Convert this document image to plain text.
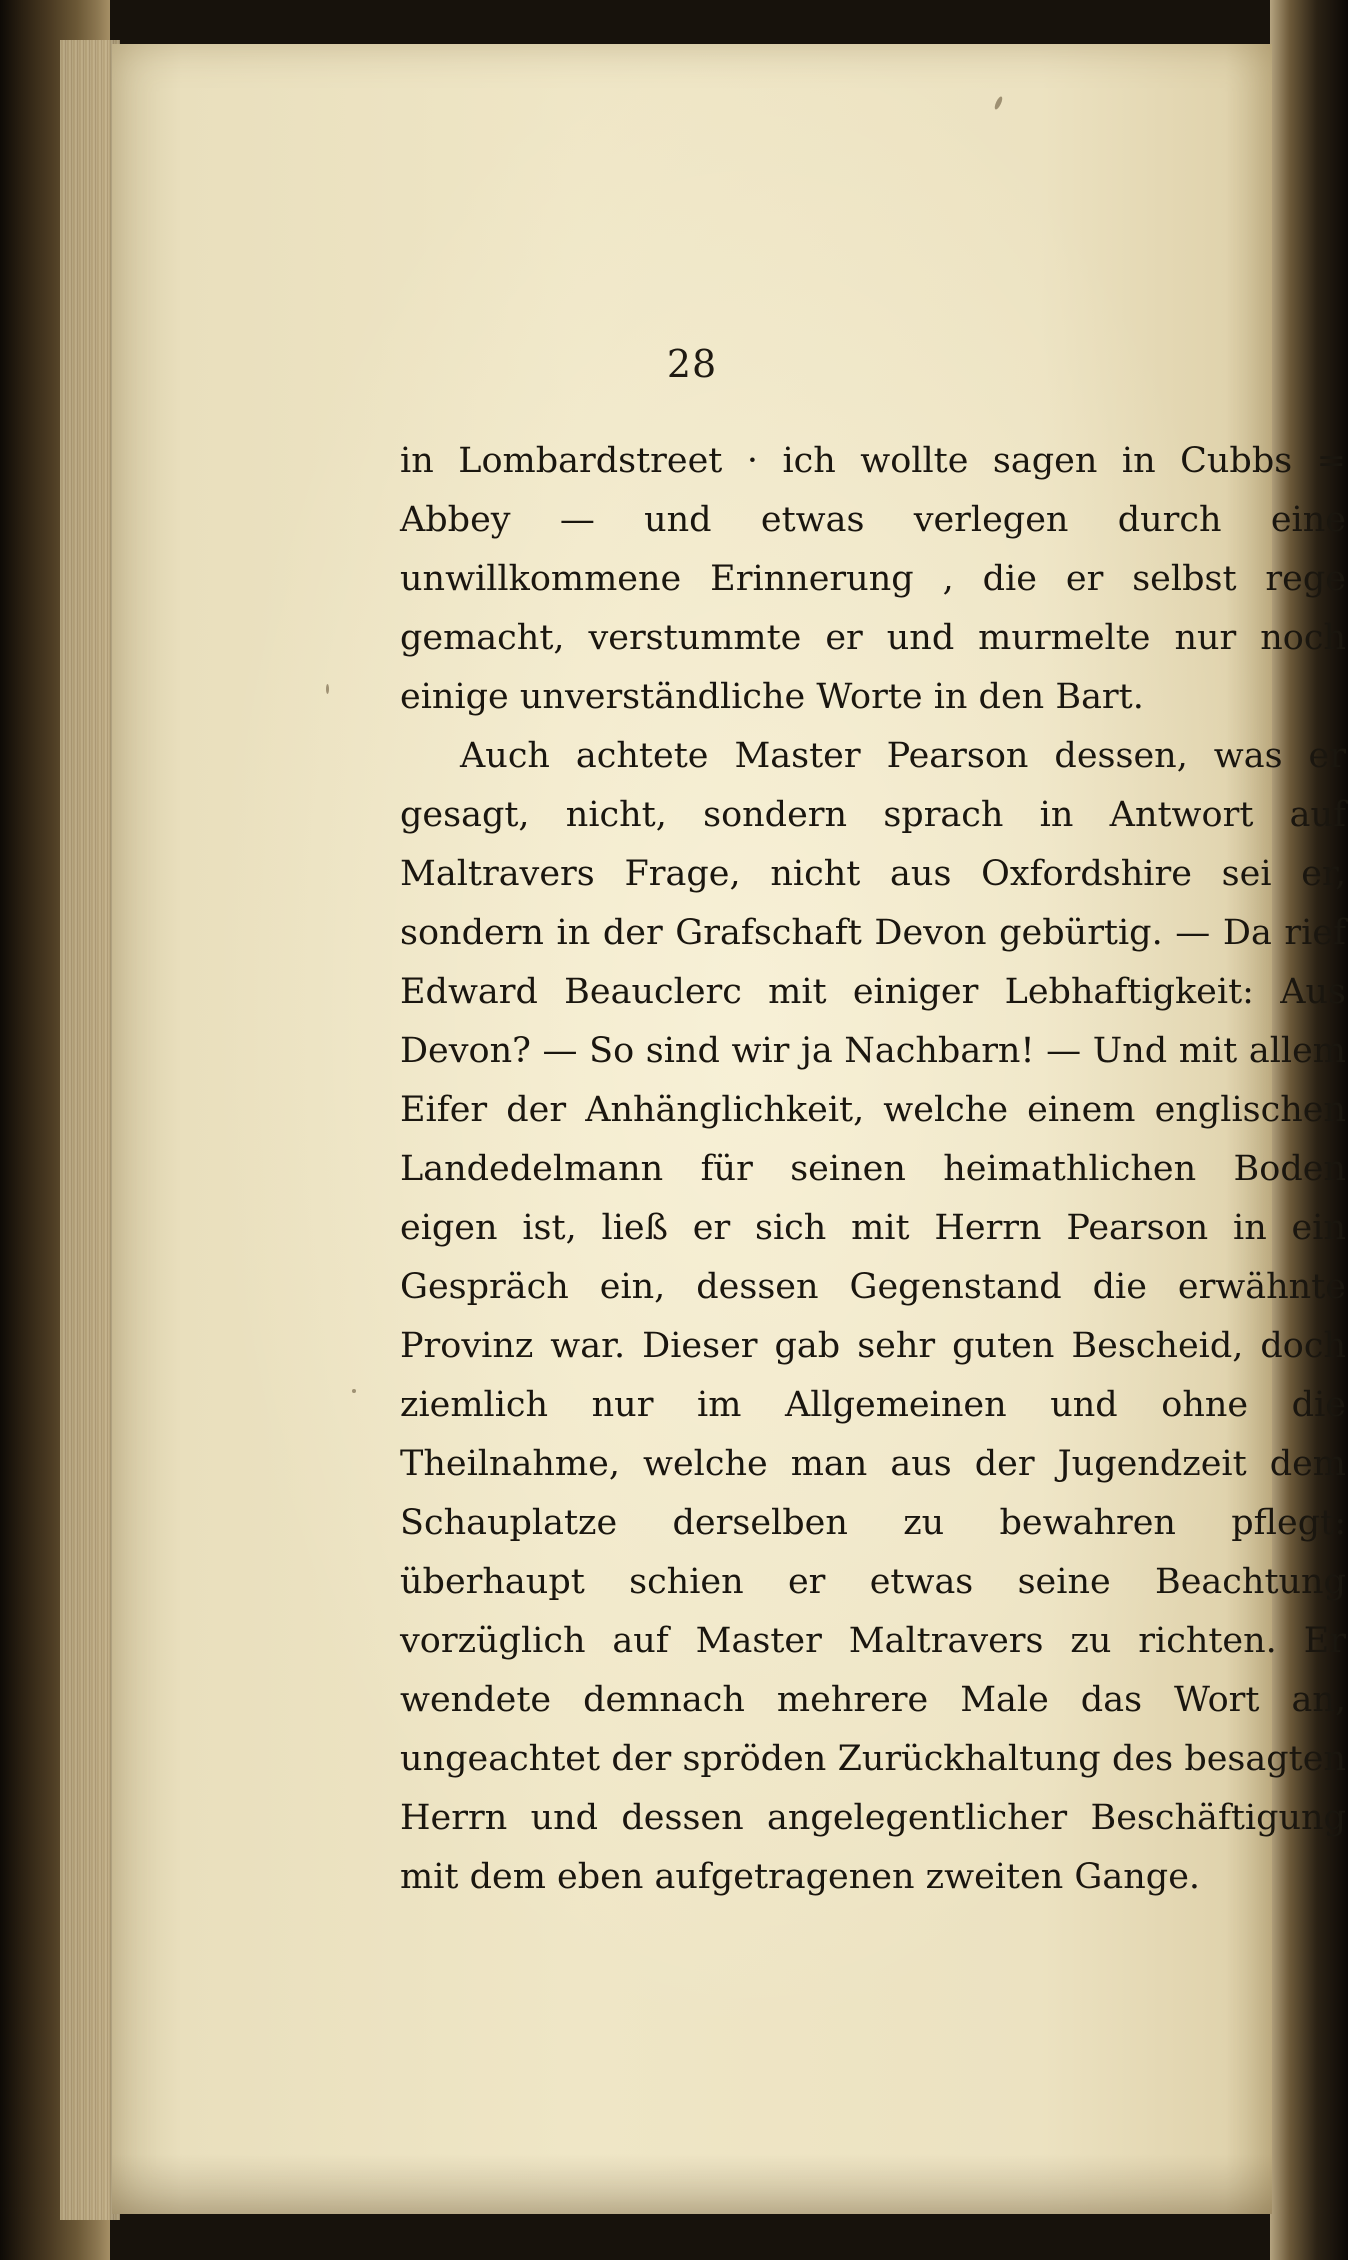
28

in Lombardstreet · ich wollte sagen in Cubbs = Abbey — und etwas verlegen durch eine unwillkommene Erinnerung , die er selbst rege gemacht, verstummte er und murmelte nur noch einige unverständliche Worte in den Bart.

Auch achtete Master Pearson dessen, was er gesagt, nicht, sondern sprach in Antwort auf Maltravers Frage, nicht aus Oxfordshire sei er, sondern in der Grafschaft Devon gebürtig. — Da rief Edward Beauclerc mit einiger Lebhaftigkeit: Aus Devon? — So sind wir ja Nachbarn! — Und mit allem Eifer der Anhänglichkeit, welche einem englischen Landedelmann für seinen heimathlichen Boden eigen ist, ließ er sich mit Herrn Pearson in ein Gespräch ein, dessen Gegenstand die erwähnte Provinz war. Dieser gab sehr guten Bescheid, doch ziemlich nur im Allgemeinen und ohne die Theilnahme, welche man aus der Jugendzeit dem Schauplatze derselben zu bewahren pflegt: überhaupt schien er etwas seine Beachtung vorzüglich auf Master Maltravers zu richten. Er wendete demnach mehrere Male das Wort an, ungeachtet der spröden Zurückhaltung des besagten Herrn und dessen angelegentlicher Beschäftigung mit dem eben aufgetragenen zweiten Gange.
